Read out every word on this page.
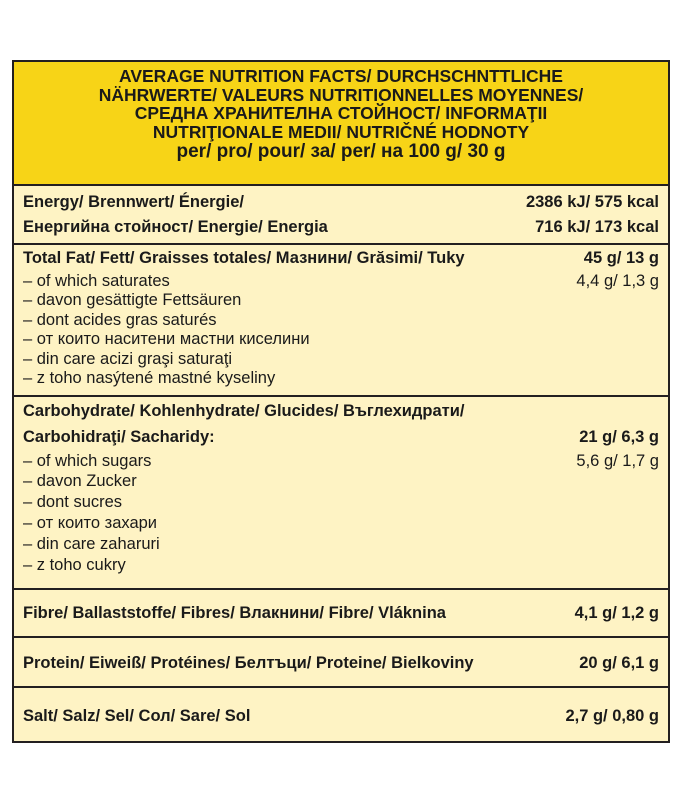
AVERAGE NUTRITION FACTS/ DURCHSCHNTTLICHE
NÄHRWERTE/ VALEURS NUTRITIONNELLES MOYENNES/
СРЕДНА ХРАНИТЕЛНА СТОЙНОСТ/ INFORMAŢII
NUTRIŢIONALE MEDII/ NUTRIČNÉ HODNOTY
per/ pro/ pour/ за/ per/ на 100 g/ 30 g
Energy/ Brennwert/ Énergie/	2386 kJ/ 575 kcal
Енергийна стойност/ Energie/ Energia	716 kJ/ 173 kcal
Total Fat/ Fett/ Graisses totales/ Мазнини/ Grăsimi/ Tuky	45 g/ 13 g
– of which saturates	4,4 g/ 1,3 g
– davon gesättigte Fettsäuren
– dont acides gras saturés
– от които наситени мастни киселини
– din care acizi graşi saturaţi
– z toho nasýtené mastné kyseliny
Carbohydrate/ Kohlenhydrate/ Glucides/ Въглехидрати/
Carbohidraţi/ Sacharidy:	21 g/ 6,3 g
– of which sugars	5,6 g/ 1,7 g
– davon Zucker
– dont sucres
– от които захари
– din care zaharuri
– z toho cukry
Fibre/ Ballaststoffe/ Fibres/ Влакнини/ Fibre/ Vláknina	4,1 g/ 1,2 g
Protein/ Eiweiß/ Protéines/ Белтъци/ Proteine/ Bielkoviny	20 g/ 6,1 g
Salt/ Salz/ Sel/ Сол/ Sare/ Sol	2,7 g/ 0,80 g
